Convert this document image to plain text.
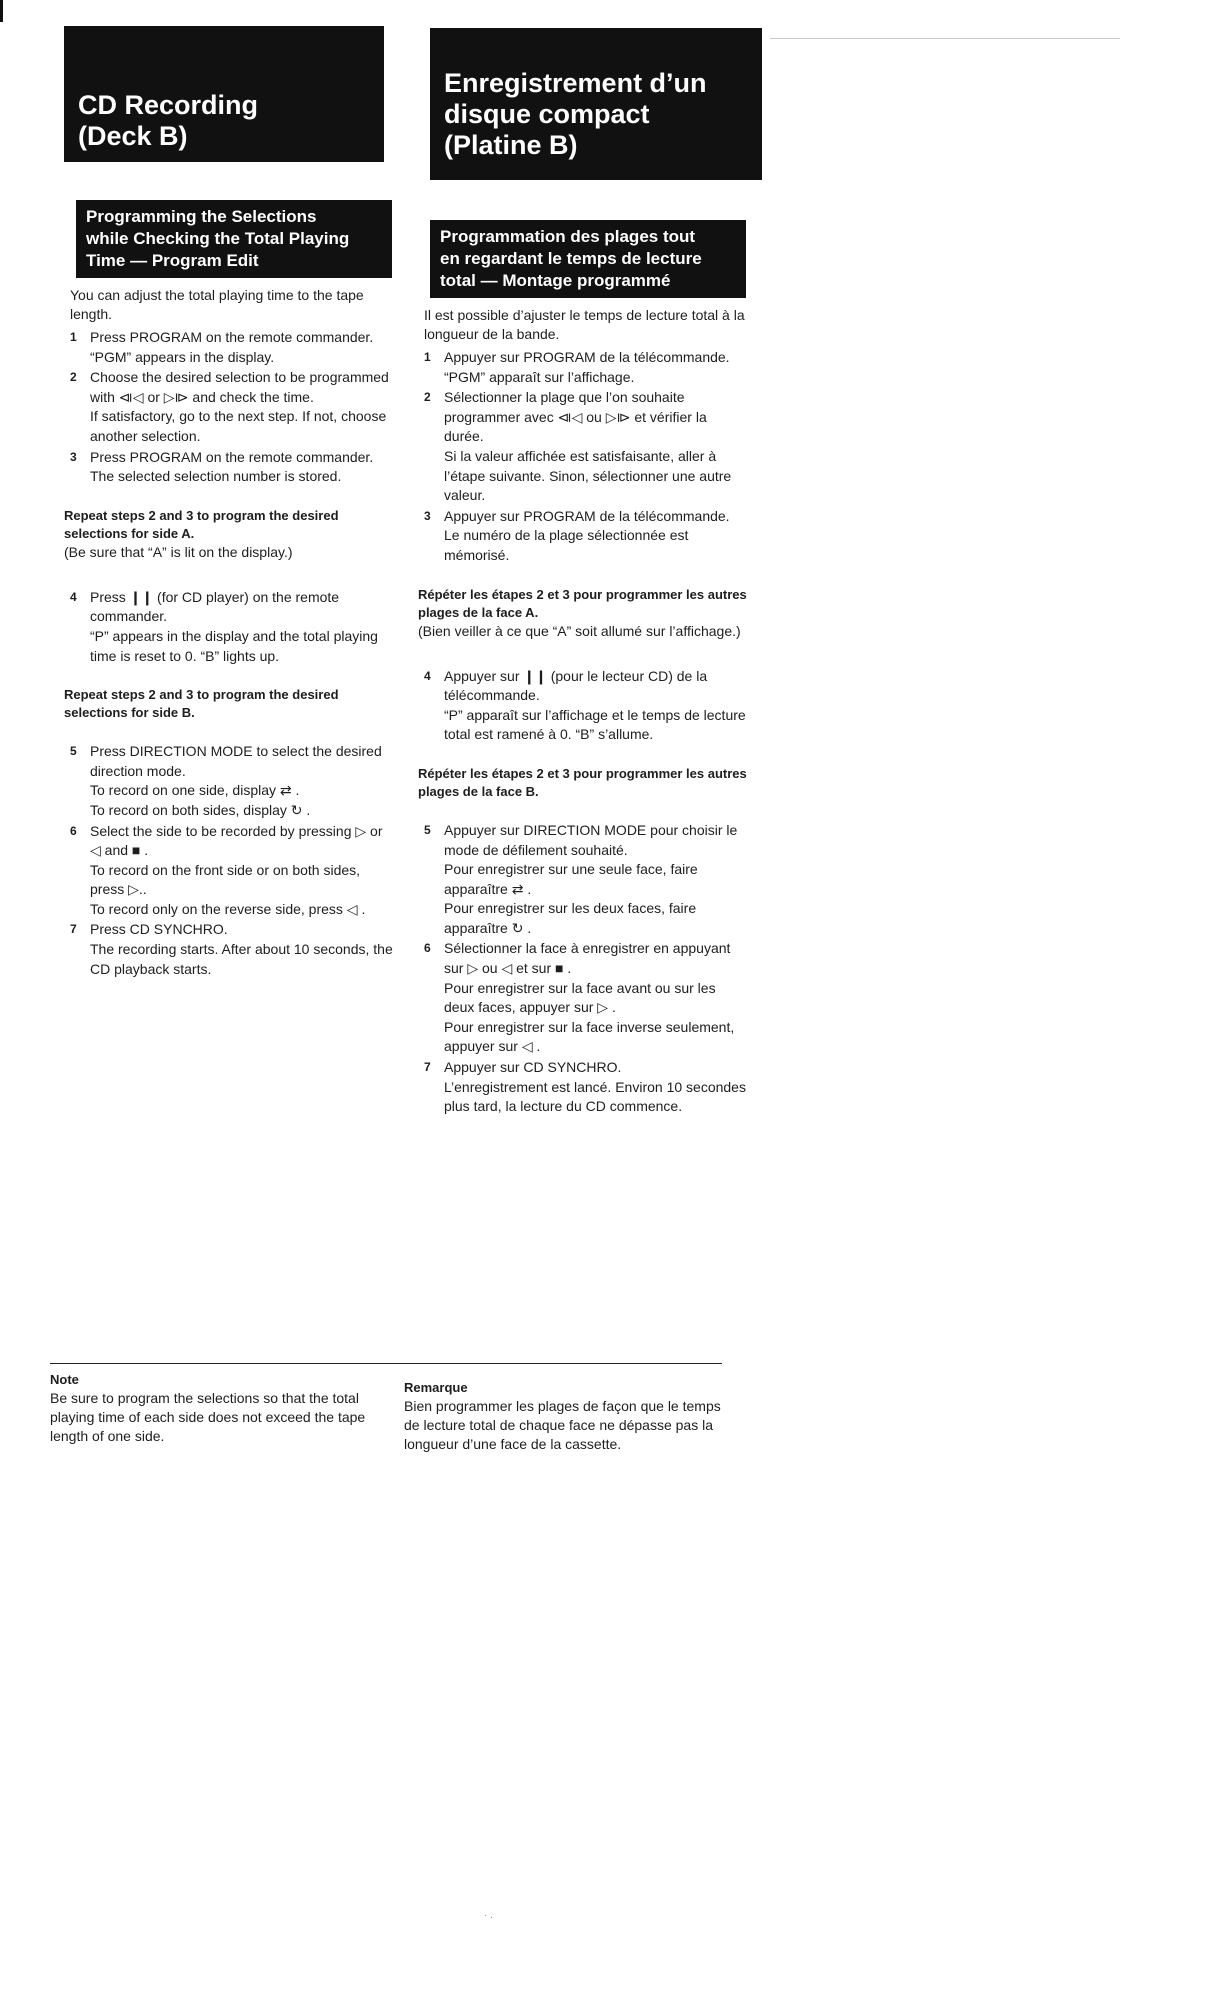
CD Recording
(Deck B)
Programming the Selections
while Checking the Total Playing
Time — Program Edit
You can adjust the total playing time to the tape length.
1 Press PROGRAM on the remote commander.
“PGM” appears in the display.
2 Choose the desired selection to be programmed with ⧏◁ or ▷⧐ and check the time.
If satisfactory, go to the next step. If not, choose another selection.
3 Press PROGRAM on the remote commander.
The selected selection number is stored.
Repeat steps 2 and 3 to program the desired selections for side A.
(Be sure that “A” is lit on the display.)
4 Press ❙❙ (for CD player) on the remote commander.
“P” appears in the display and the total playing time is reset to 0. “B” lights up.
Repeat steps 2 and 3 to program the desired selections for side B.
5 Press DIRECTION MODE to select the desired direction mode.
To record on one side, display ⇄ .
To record on both sides, display ↻ .
6 Select the side to be recorded by pressing ▷ or ◁ and ■ .
To record on the front side or on both sides, press ▷..
To record only on the reverse side, press ◁ .
7 Press CD SYNCHRO.
The recording starts. After about 10 seconds, the CD playback starts.
Enregistrement d’un
disque compact
(Platine B)
Programmation des plages tout
en regardant le temps de lecture
total — Montage programmé
Il est possible d’ajuster le temps de lecture total à la longueur de la bande.
1 Appuyer sur PROGRAM de la télécommande.
“PGM” apparaît sur l’affichage.
2 Sélectionner la plage que l’on souhaite programmer avec ⧏◁ ou ▷⧐ et vérifier la durée.
Si la valeur affichée est satisfaisante, aller à l’étape suivante. Sinon, sélectionner une autre valeur.
3 Appuyer sur PROGRAM de la télécommande.
Le numéro de la plage sélectionnée est mémorisé.
Répéter les étapes 2 et 3 pour programmer les autres plages de la face A.
(Bien veiller à ce que “A” soit allumé sur l’affichage.)
4 Appuyer sur ❙❙ (pour le lecteur CD) de la télécommande.
“P” apparaît sur l’affichage et le temps de lecture total est ramené à 0. “B” s’allume.
Répéter les étapes 2 et 3 pour programmer les autres plages de la face B.
5 Appuyer sur DIRECTION MODE pour choisir le mode de défilement souhaité.
Pour enregistrer sur une seule face, faire apparaître ⇄ .
Pour enregistrer sur les deux faces, faire apparaître ↻ .
6 Sélectionner la face à enregistrer en appuyant sur ▷ ou ◁ et sur ■ .
Pour enregistrer sur la face avant ou sur les deux faces, appuyer sur ▷ .
Pour enregistrer sur la face inverse seulement, appuyer sur ◁ .
7 Appuyer sur CD SYNCHRO.
L’enregistrement est lancé. Environ 10 secondes plus tard, la lecture du CD commence.
Note
Be sure to program the selections so that the total playing time of each side does not exceed the tape length of one side.
Remarque
Bien programmer les plages de façon que le temps de lecture total de chaque face ne dépasse pas la longueur d’une face de la cassette.
· .
